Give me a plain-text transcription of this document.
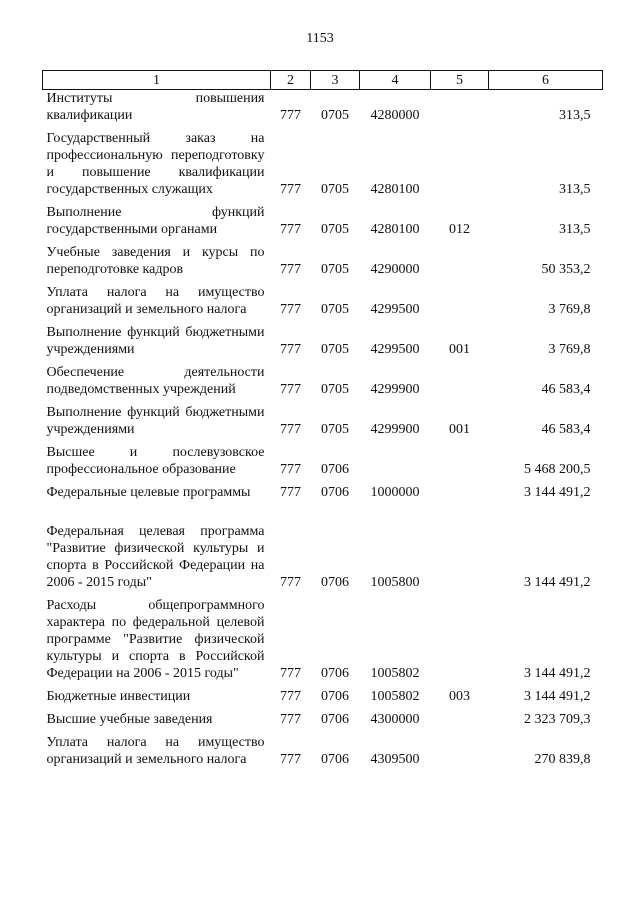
1153
1	2	3	4	5	6
Институты повышения квалификации	777	0705	4280000		313,5
Государственный заказ на профессиональную переподготовку и повышение квалификации государственных служащих	777	0705	4280100		313,5
Выполнение функций государственными органами	777	0705	4280100	012	313,5
Учебные заведения и курсы по переподготовке кадров	777	0705	4290000		50 353,2
Уплата налога на имущество организаций и земельного налога	777	0705	4299500		3 769,8
Выполнение функций бюджетными учреждениями	777	0705	4299500	001	3 769,8
Обеспечение деятельности подведомственных учреждений	777	0705	4299900		46 583,4
Выполнение функций бюджетными учреждениями	777	0705	4299900	001	46 583,4
Высшее и послевузовское профессиональное образование	777	0706			5 468 200,5
Федеральные целевые программы	777	0706	1000000		3 144 491,2
Федеральная целевая программа "Развитие физической культуры и спорта в Российской Федерации на 2006 - 2015 годы"	777	0706	1005800		3 144 491,2
Расходы общепрограммного характера по федеральной целевой программе "Развитие физической культуры и спорта в Российской Федерации на 2006 - 2015 годы"	777	0706	1005802		3 144 491,2
Бюджетные инвестиции	777	0706	1005802	003	3 144 491,2
Высшие учебные заведения	777	0706	4300000		2 323 709,3
Уплата налога на имущество организаций и земельного налога	777	0706	4309500		270 839,8
